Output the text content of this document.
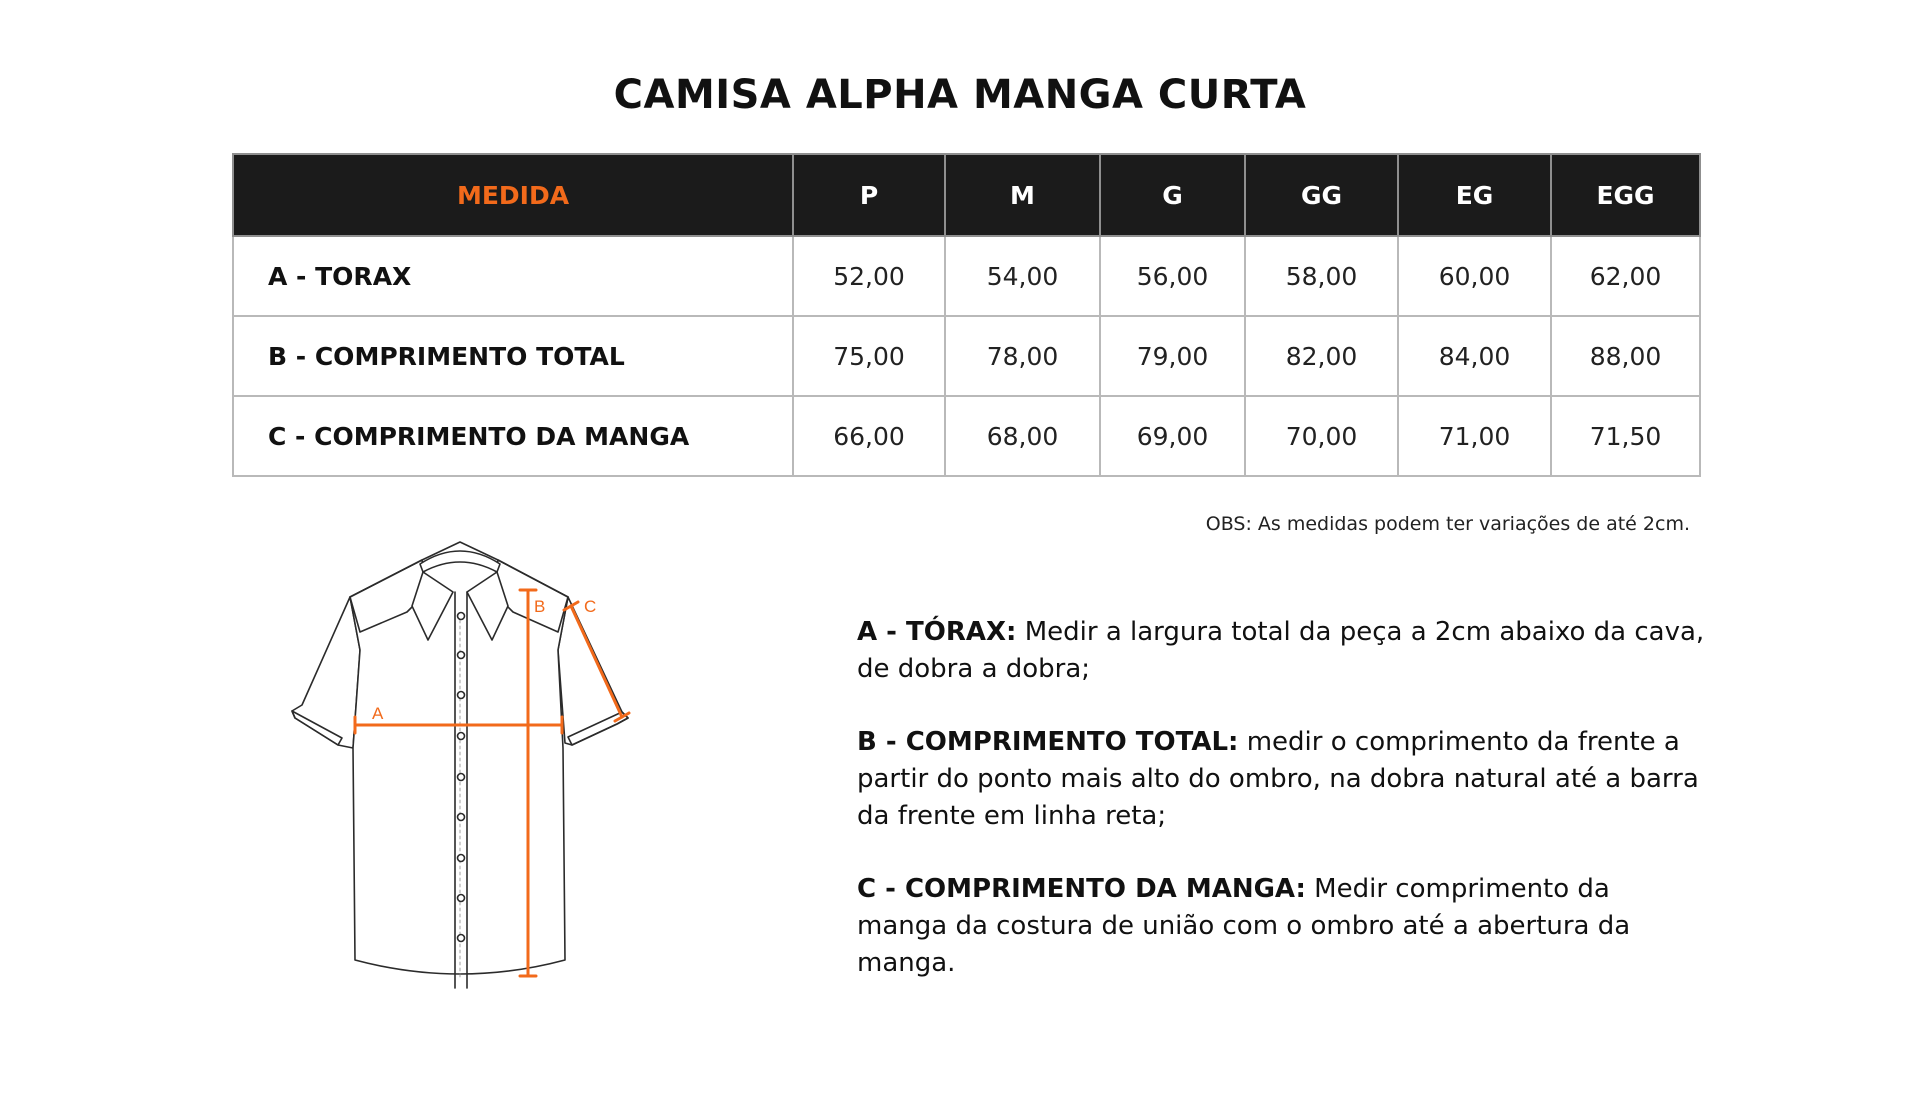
CAMISA ALPHA MANGA CURTA
MEDIDA	P	M	G	GG	EG	EGG
A - TORAX	52,00	54,00	56,00	58,00	60,00	62,00
B - COMPRIMENTO TOTAL	75,00	78,00	79,00	82,00	84,00	88,00
C - COMPRIMENTO DA MANGA	66,00	68,00	69,00	70,00	71,00	71,50
OBS: As medidas podem ter variações de até 2cm.
A
B C

A - TÓRAX: Medir a largura total da peça a 2cm abaixo da cava, de dobra a dobra;

B - COMPRIMENTO TOTAL: medir o comprimento da frente a partir do ponto mais alto do ombro, na dobra natural até a barra da frente em linha reta;

C - COMPRIMENTO DA MANGA: Medir comprimento da manga da costura de união com o ombro até a abertura da manga.
